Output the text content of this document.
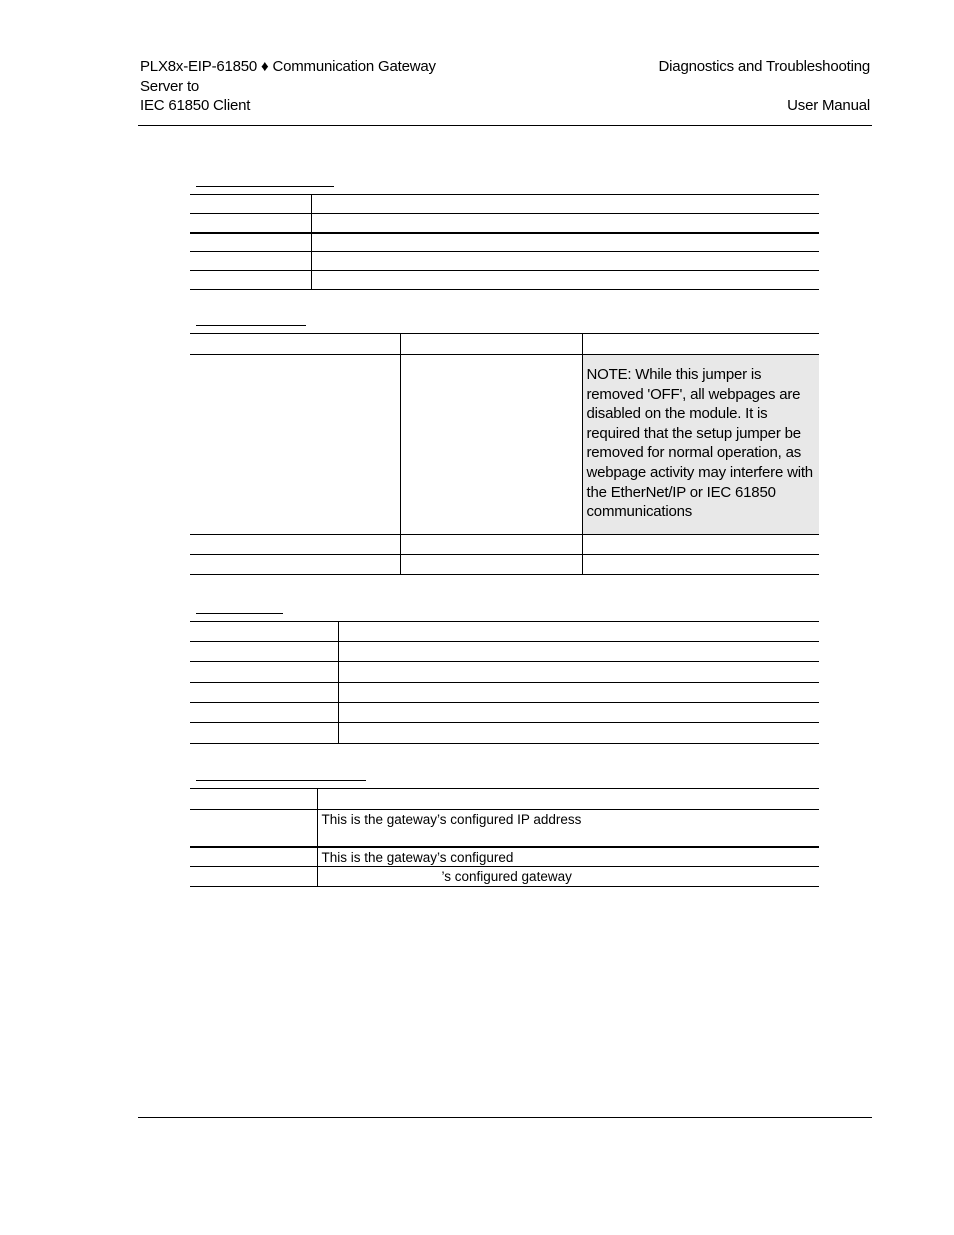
PLX8x-EIP-61850 ♦ Communication Gateway
Server to
IEC 61850 Client
Diagnostics and Troubleshooting
User Manual

		NOTE: While this jumper is removed 'OFF', all webpages are disabled on the module. It is required that the setup jumper be removed for normal operation, as webpage activity may interfere with the EtherNet/IP or IEC 61850 communications

	This is the gateway’s configured IP address
	This is the gateway’s configured
	’s configured gateway
